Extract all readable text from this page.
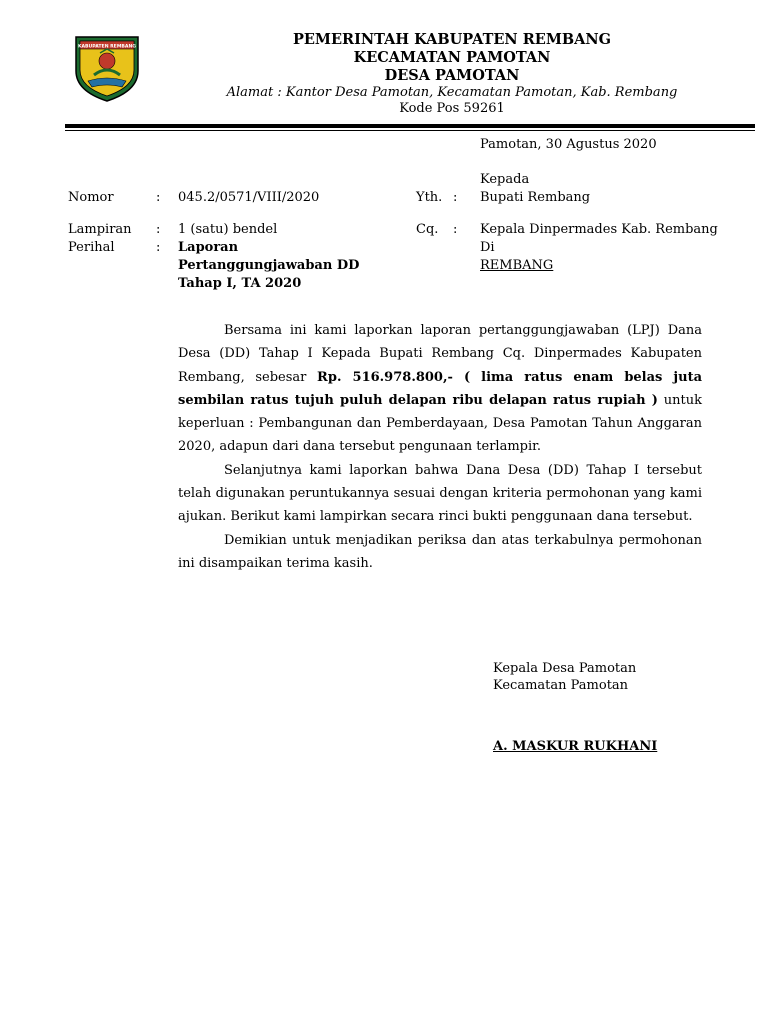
KABUPATEN REMBANG	PEMERINTAH KABUPATEN REMBANG
KECAMATAN PAMOTAN
DESA PAMOTAN
Alamat : Kantor Desa Pamotan, Kecamatan Pamotan, Kab. Rembang
Kode Pos 59261
Pamotan, 30 Agustus 2020
Kepada
Yth. : Bupati Rembang
Cq. : Kepala Dinpermades Kab. Rembang
Di
REMBANG
Nomor	: 045.2/0571/VIII/2020
Lampiran : 1 (satu) bendel
Perihal	: Laporan
Pertanggungjawaban DD
Tahap I, TA 2020

Bersama ini kami laporkan laporan pertanggungjawaban (LPJ) Dana Desa (DD) Tahap I Kepada Bupati Rembang Cq. Dinpermades Kabupaten Rembang, sebesar Rp. 516.978.800,- ( lima ratus enam belas juta sembilan ratus tujuh puluh delapan ribu delapan ratus rupiah ) untuk keperluan : Pembangunan dan Pemberdayaan, Desa Pamotan Tahun Anggaran 2020, adapun dari dana tersebut pengunaan terlampir.

Selanjutnya kami laporkan bahwa Dana Desa (DD) Tahap I tersebut telah digunakan peruntukannya sesuai dengan kriteria permohonan yang kami ajukan. Berikut kami lampirkan secara rinci bukti penggunaan dana tersebut.

Demikian untuk menjadikan periksa dan atas terkabulnya permohonan ini disampaikan terima kasih.

Kepala Desa Pamotan
Kecamatan Pamotan
A. MASKUR RUKHANI
